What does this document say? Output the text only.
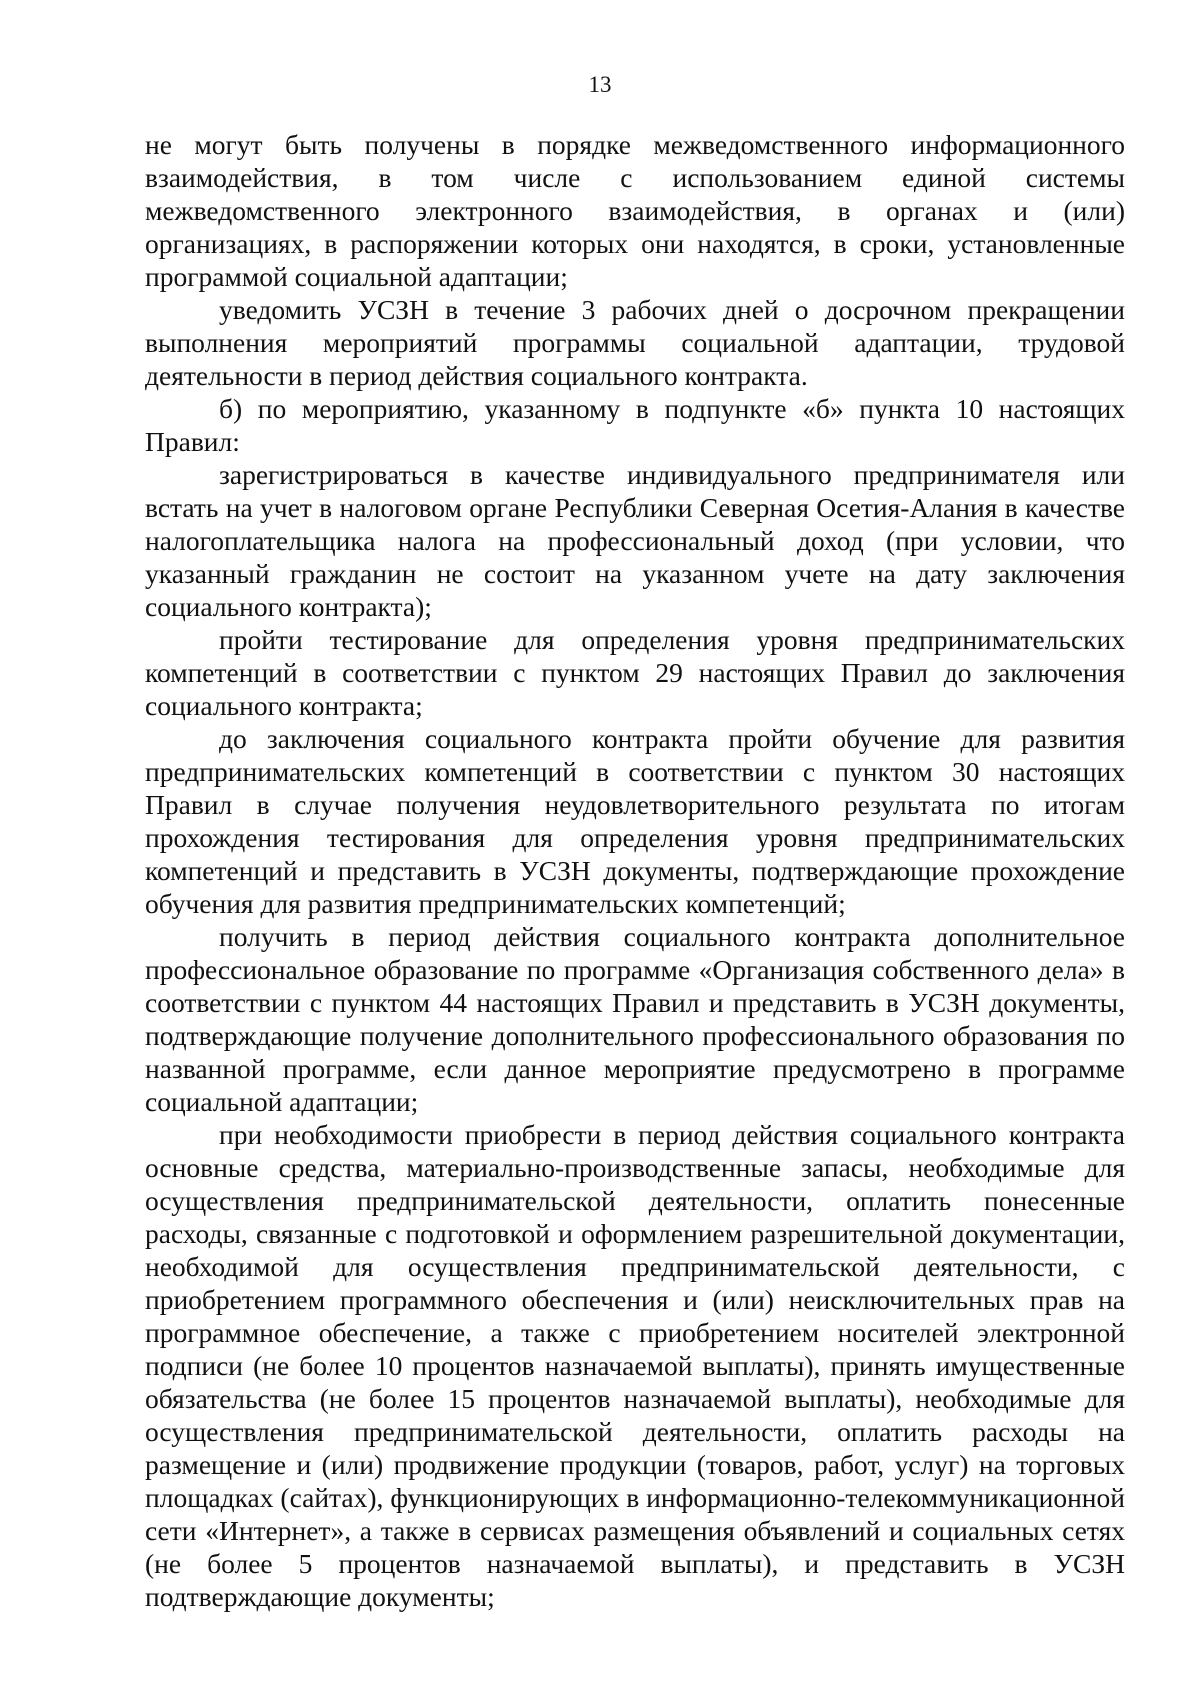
13

не могут быть получены в порядке межведомственного информационного взаимодействия, в том числе с использованием единой системы межведомственного электронного взаимодействия, в органах и (или) организациях, в распоряжении которых они находятся, в сроки, установленные программой социальной адаптации;

уведомить УСЗН в течение 3 рабочих дней о досрочном прекращении выполнения мероприятий программы социальной адаптации, трудовой деятельности в период действия социального контракта.

б) по мероприятию, указанному в подпункте «б» пункта 10 настоящих Правил:

зарегистрироваться в качестве индивидуального предпринимателя или встать на учет в налоговом органе Республики Северная Осетия-Алания в качестве налогоплательщика налога на профессиональный доход (при условии, что указанный гражданин не состоит на указанном учете на дату заключения социального контракта);

пройти тестирование для определения уровня предпринимательских компетенций в соответствии с пунктом 29 настоящих Правил до заключения социального контракта;

до заключения социального контракта пройти обучение для развития предпринимательских компетенций в соответствии с пунктом 30 настоящих Правил в случае получения неудовлетворительного результата по итогам прохождения тестирования для определения уровня предпринимательских компетенций и представить в УСЗН документы, подтверждающие прохождение обучения для развития предпринимательских компетенций;

получить в период действия социального контракта дополнительное профессиональное образование по программе «Организация собственного дела» в соответствии с пунктом 44 настоящих Правил и представить в УСЗН документы, подтверждающие получение дополнительного профессионального образования по названной программе, если данное мероприятие предусмотрено в программе социальной адаптации;

при необходимости приобрести в период действия социального контракта основные средства, материально-производственные запасы, необходимые для осуществления предпринимательской деятельности, оплатить понесенные расходы, связанные с подготовкой и оформлением разрешительной документации, необходимой для осуществления предпринимательской деятельности, с приобретением программного обеспечения и (или) неисключительных прав на программное обеспечение, а также с приобретением носителей электронной подписи (не более 10 процентов назначаемой выплаты), принять имущественные обязательства (не более 15 процентов назначаемой выплаты), необходимые для осуществления предпринимательской деятельности, оплатить расходы на размещение и (или) продвижение продукции (товаров, работ, услуг) на торговых площадках (сайтах), функционирующих в информационно-телекоммуникационной сети «Интернет», а также в сервисах размещения объявлений и социальных сетях (не более 5 процентов назначаемой выплаты), и представить в УСЗН подтверждающие документы;
